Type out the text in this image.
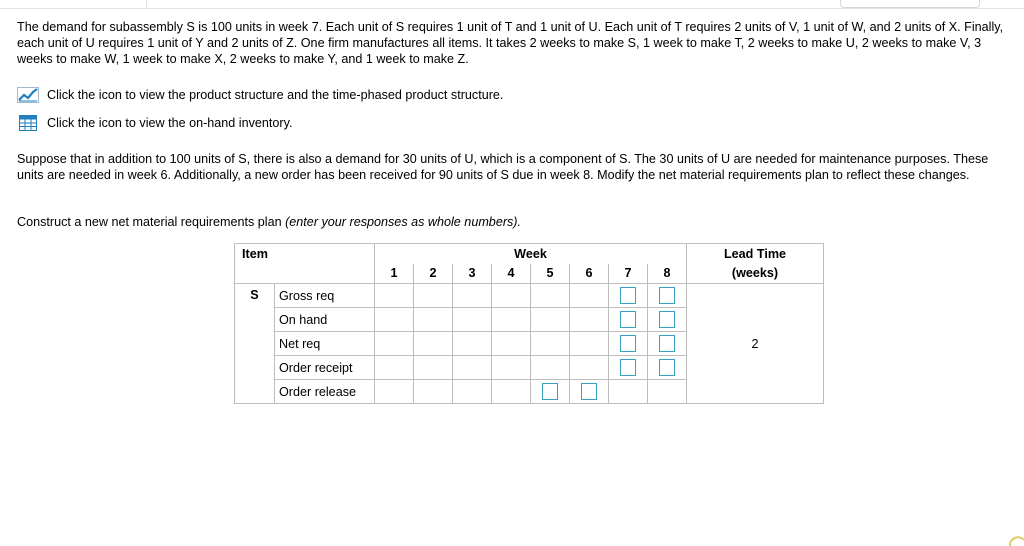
The demand for subassembly S is 100 units in week 7. Each unit of S requires 1 unit of T and 1 unit of U. Each unit of T requires 2 units of V, 1 unit of W, and 2 units of X. Finally, each unit of U requires 1 unit of Y and 2 units of Z. One firm manufactures all items. It takes 2 weeks to make S, 1 week to make T, 2 weeks to make U, 2 weeks to make V, 3 weeks to make W, 1 week to make X, 2 weeks to make Y, and 1 week to make Z.

Click the icon to view the product structure and the time-phased product structure.
Click the icon to view the on-hand inventory.

Suppose that in addition to 100 units of S, there is also a demand for 30 units of U, which is a component of S. The 30 units of U are needed for maintenance purposes. These units are needed in week 6. Additionally, a new order has been received for 90 units of S due in week 8. Modify the net material requirements plan to reflect these changes.

Construct a new net material requirements plan (enter your responses as whole numbers).

Item		Week								Lead Time
		1	2	3	4	5	6	7	8	(weeks)
S	Gross req									2
	On hand							

	Net req							

	Order receipt							

	Order release					
